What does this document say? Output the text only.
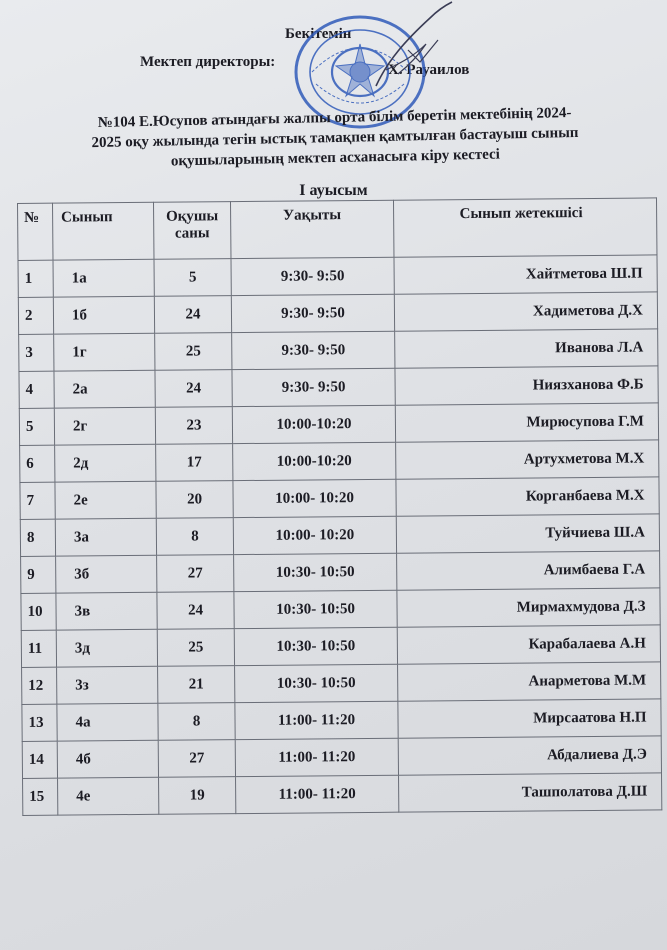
Бекітемін
Мектеп директоры:	Х. Рауаилов
№104 Е.Юсупов атындағы жалпы орта білім беретін мектебінің 2024-
2025 оқу жылында тегін ыстық тамақпен қамтылған бастауыш сынып
оқушыларының мектеп асханасыға кіру кестесі
I ауысым
№	Сынып	Оқушы саны	Уақыты	Сынып жетекшісі
1	1а	5	9:30- 9:50	Хайтметова Ш.П
2	1б	24	9:30- 9:50	Хадиметова Д.Х
3	1г	25	9:30- 9:50	Иванова Л.А
4	2а	24	9:30- 9:50	Ниязханова Ф.Б
5	2г	23	10:00-10:20	Мирюсупова Г.М
6	2д	17	10:00-10:20	Артухметова М.Х
7	2е	20	10:00- 10:20	Корганбаева М.Х
8	3а	8	10:00- 10:20	Туйчиева Ш.А
9	3б	27	10:30- 10:50	Алимбаева Г.А
10	3в	24	10:30- 10:50	Мирмахмудова Д.З
11	3д	25	10:30- 10:50	Карабалаева А.Н
12	3з	21	10:30- 10:50	Анарметова М.М
13	4а	8	11:00- 11:20	Мирсаатова Н.П
14	4б	27	11:00- 11:20	Абдалиева Д.Э
15	4е	19	11:00- 11:20	Ташполатова Д.Ш
